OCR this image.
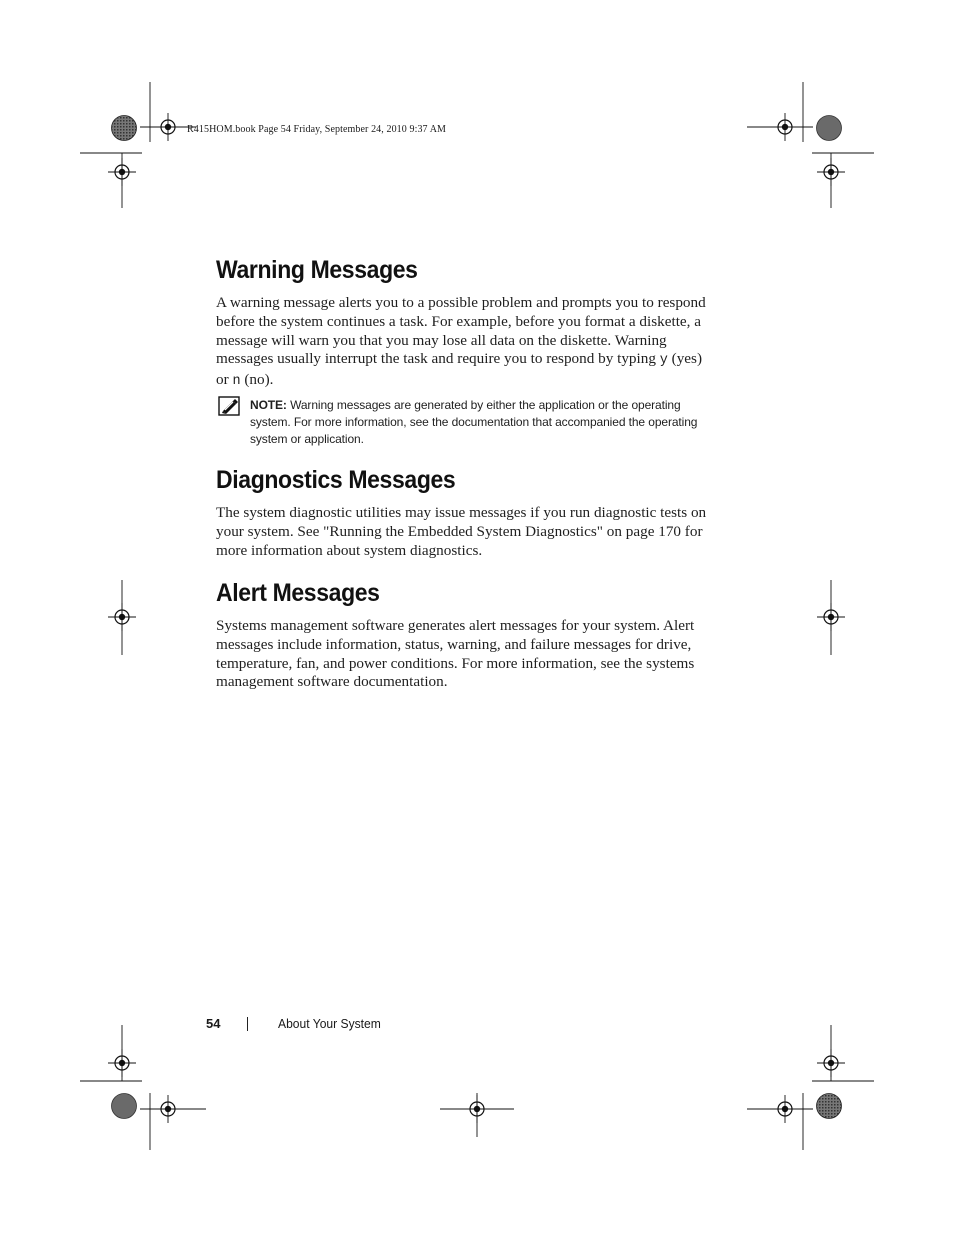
R415HOM.book Page 54 Friday, September 24, 2010 9:37 AM
Warning Messages

A warning message alerts you to a possible problem and prompts you to respond before the system continues a task. For example, before you format a diskette, a message will warn you that you may lose all data on the diskette. Warning messages usually interrupt the task and require you to respond by typing y (yes) or n (no).

NOTE: Warning messages are generated by either the application or the operating system. For more information, see the documentation that accompanied the operating system or application.
Diagnostics Messages

The system diagnostic utilities may issue messages if you run diagnostic tests on your system. See "Running the Embedded System Diagnostics" on page 170 for more information about system diagnostics.

Alert Messages

Systems management software generates alert messages for your system. Alert messages include information, status, warning, and failure messages for drive, temperature, fan, and power conditions. For more information, see the systems management software documentation.

54	About Your System
